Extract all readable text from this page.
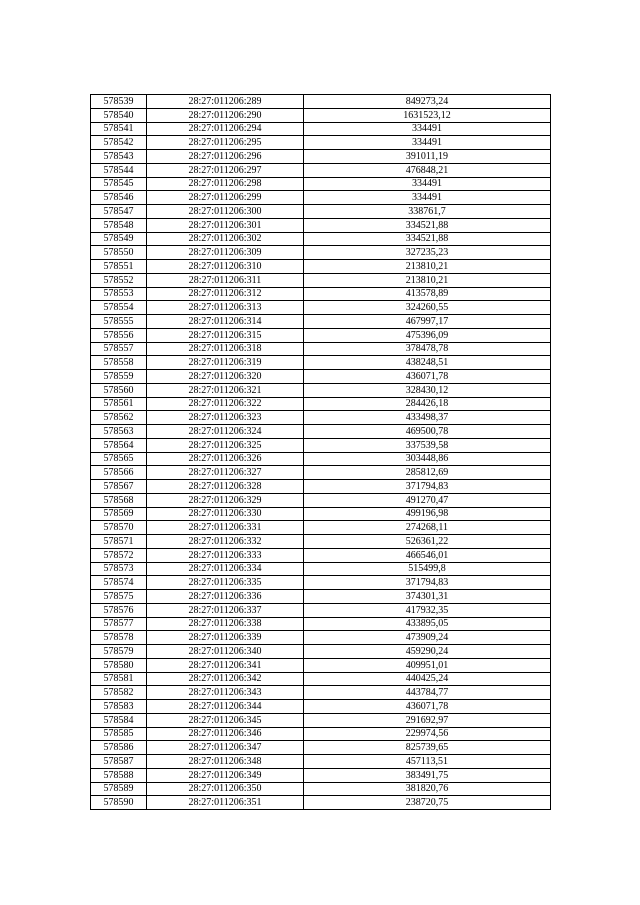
578539	28:27:011206:289	849273,24
578540	28:27:011206:290	1631523,12
578541	28:27:011206:294	334491
578542	28:27:011206:295	334491
578543	28:27:011206:296	391011,19
578544	28:27:011206:297	476848,21
578545	28:27:011206:298	334491
578546	28:27:011206:299	334491
578547	28:27:011206:300	338761,7
578548	28:27:011206:301	334521,88
578549	28:27:011206:302	334521,88
578550	28:27:011206:309	327235,23
578551	28:27:011206:310	213810,21
578552	28:27:011206:311	213810,21
578553	28:27:011206:312	413578,89
578554	28:27:011206:313	324260,55
578555	28:27:011206:314	467997,17
578556	28:27:011206:315	475396,09
578557	28:27:011206:318	378478,78
578558	28:27:011206:319	438248,51
578559	28:27:011206:320	436071,78
578560	28:27:011206:321	328430,12
578561	28:27:011206:322	284426,18
578562	28:27:011206:323	433498,37
578563	28:27:011206:324	469500,78
578564	28:27:011206:325	337539,58
578565	28:27:011206:326	303448,86
578566	28:27:011206:327	285812,69
578567	28:27:011206:328	371794,83
578568	28:27:011206:329	491270,47
578569	28:27:011206:330	499196,98
578570	28:27:011206:331	274268,11
578571	28:27:011206:332	526361,22
578572	28:27:011206:333	466546,01
578573	28:27:011206:334	515499,8
578574	28:27:011206:335	371794,83
578575	28:27:011206:336	374301,31
578576	28:27:011206:337	417932,35
578577	28:27:011206:338	433895,05
578578	28:27:011206:339	473909,24
578579	28:27:011206:340	459290,24
578580	28:27:011206:341	409951,01
578581	28:27:011206:342	440425,24
578582	28:27:011206:343	443784,77
578583	28:27:011206:344	436071,78
578584	28:27:011206:345	291692,97
578585	28:27:011206:346	229974,56
578586	28:27:011206:347	825739,65
578587	28:27:011206:348	457113,51
578588	28:27:011206:349	383491,75
578589	28:27:011206:350	381820,76
578590	28:27:011206:351	238720,75
